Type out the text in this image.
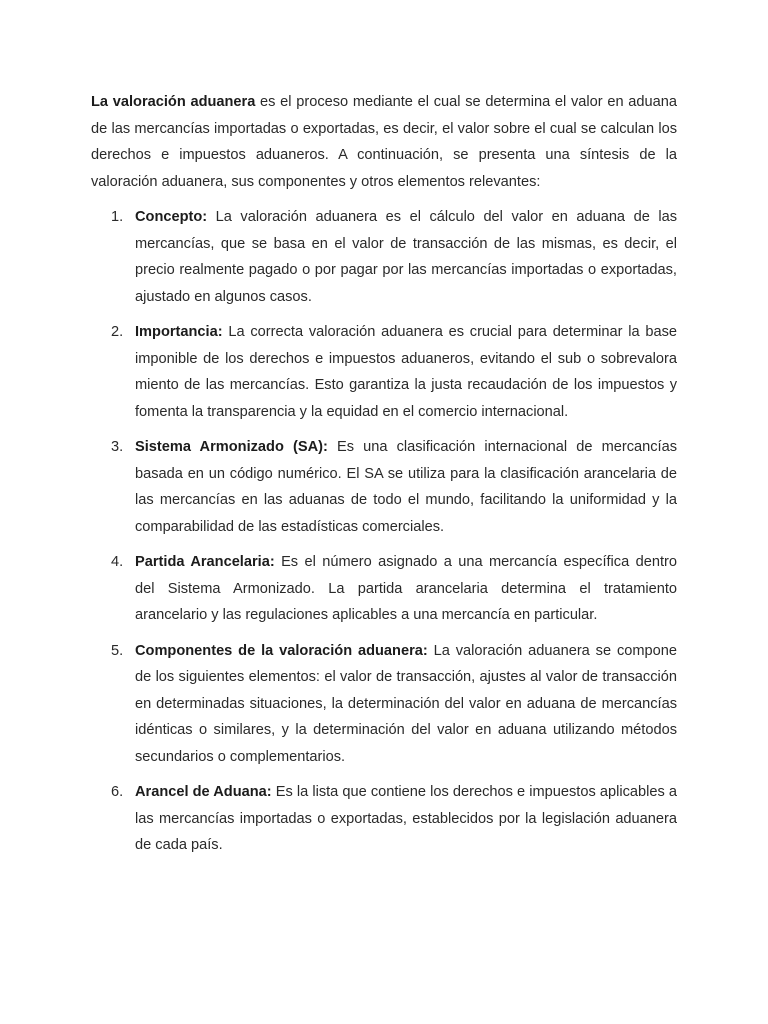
La valoración aduanera es el proceso mediante el cual se determina el valor en aduana de las mercancías importadas o exportadas, es decir, el valor sobre el cual se calculan los derechos e impuestos aduaneros. A continuación, se presenta una síntesis de la valoración aduanera, sus componentes y otros elementos relevantes:

1. Concepto: La valoración aduanera es el cálculo del valor en aduana de las mercancías, que se basa en el valor de transacción de las mismas, es decir, el precio realmente pagado o por pagar por las mercancías importadas o exportadas, ajustado en algunos casos.

2. Importancia: La correcta valoración aduanera es crucial para determinar la base imponible de los derechos e impuestos aduaneros, evitando el sub o sobrevalora miento de las mercancías. Esto garantiza la justa recaudación de los impuestos y fomenta la transparencia y la equidad en el comercio internacional.

3. Sistema Armonizado (SA): Es una clasificación internacional de mercancías basada en un código numérico. El SA se utiliza para la clasificación arancelaria de las mercancías en las aduanas de todo el mundo, facilitando la uniformidad y la comparabilidad de las estadísticas comerciales.

4. Partida Arancelaria: Es el número asignado a una mercancía específica dentro del Sistema Armonizado. La partida arancelaria determina el tratamiento arancelario y las regulaciones aplicables a una mercancía en particular.

5. Componentes de la valoración aduanera: La valoración aduanera se compone de los siguientes elementos: el valor de transacción, ajustes al valor de transacción en determinadas situaciones, la determinación del valor en aduana de mercancías idénticas o similares, y la determinación del valor en aduana utilizando métodos secundarios o complementarios.

6. Arancel de Aduana: Es la lista que contiene los derechos e impuestos aplicables a las mercancías importadas o exportadas, establecidos por la legislación aduanera de cada país.
